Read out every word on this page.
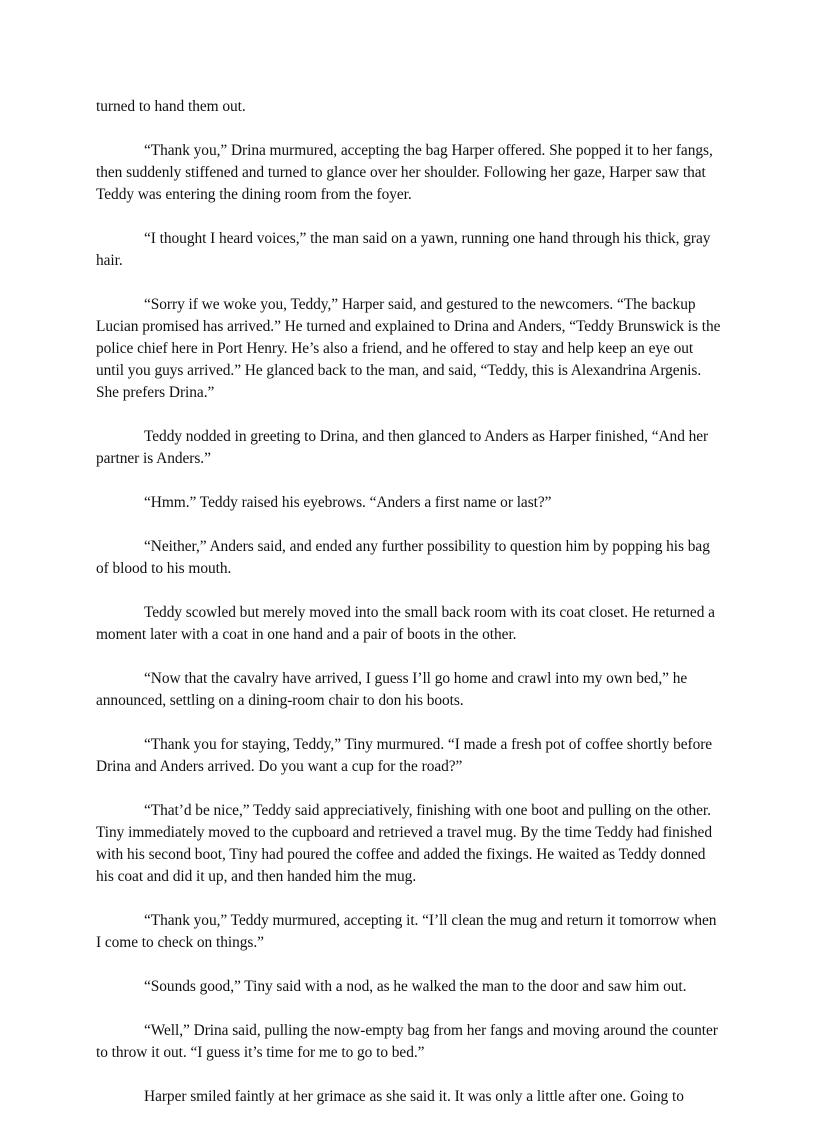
turned to hand them out.

“Thank you,” Drina murmured, accepting the bag Harper offered. She popped it to her fangs, then suddenly stiffened and turned to glance over her shoulder. Following her gaze, Harper saw that Teddy was entering the dining room from the foyer.

“I thought I heard voices,” the man said on a yawn, running one hand through his thick, gray hair.

“Sorry if we woke you, Teddy,” Harper said, and gestured to the newcomers. “The backup Lucian promised has arrived.” He turned and explained to Drina and Anders, “Teddy Brunswick is the police chief here in Port Henry. He’s also a friend, and he offered to stay and help keep an eye out until you guys arrived.” He glanced back to the man, and said, “Teddy, this is Alexandrina Argenis. She prefers Drina.”

Teddy nodded in greeting to Drina, and then glanced to Anders as Harper finished, “And her partner is Anders.”

“Hmm.” Teddy raised his eyebrows. “Anders a first name or last?”

“Neither,” Anders said, and ended any further possibility to question him by popping his bag of blood to his mouth.

Teddy scowled but merely moved into the small back room with its coat closet. He returned a moment later with a coat in one hand and a pair of boots in the other.

“Now that the cavalry have arrived, I guess I’ll go home and crawl into my own bed,” he announced, settling on a dining-room chair to don his boots.

“Thank you for staying, Teddy,” Tiny murmured. “I made a fresh pot of coffee shortly before Drina and Anders arrived. Do you want a cup for the road?”

“That’d be nice,” Teddy said appreciatively, finishing with one boot and pulling on the other. Tiny immediately moved to the cupboard and retrieved a travel mug. By the time Teddy had finished with his second boot, Tiny had poured the coffee and added the fixings. He waited as Teddy donned his coat and did it up, and then handed him the mug.

“Thank you,” Teddy murmured, accepting it. “I’ll clean the mug and return it tomorrow when I come to check on things.”

“Sounds good,” Tiny said with a nod, as he walked the man to the door and saw him out.

“Well,” Drina said, pulling the now-empty bag from her fangs and moving around the counter to throw it out. “I guess it’s time for me to go to bed.”

Harper smiled faintly at her grimace as she said it. It was only a little after one. Going to
